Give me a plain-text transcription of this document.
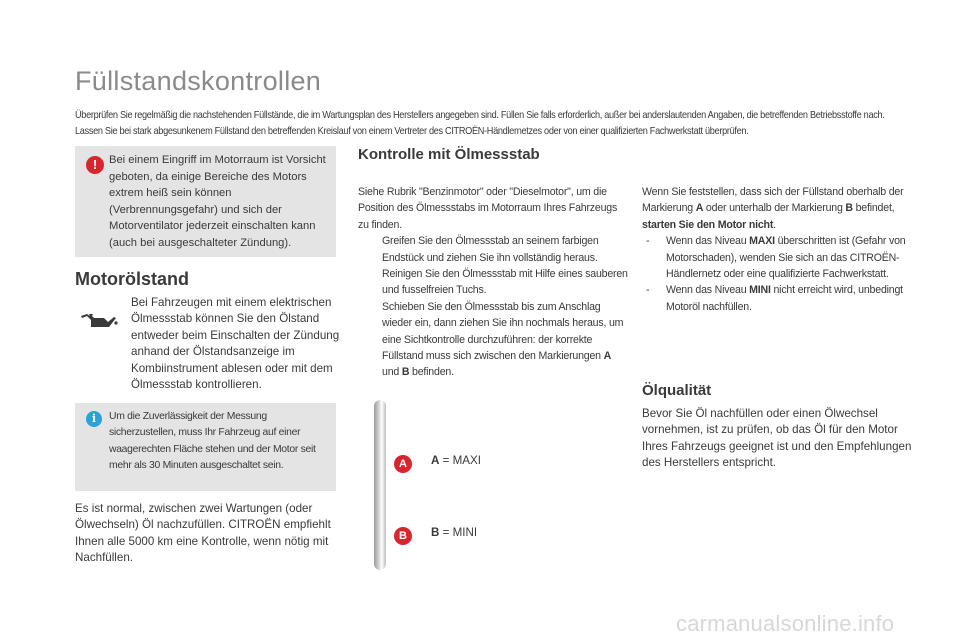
Füllstandskontrollen

Überprüfen Sie regelmäßig die nachstehenden Füllstände, die im Wartungsplan des Herstellers angegeben sind. Füllen Sie falls erforderlich, außer bei anderslautenden Angaben, die betreffenden Betriebsstoffe nach.

Lassen Sie bei stark abgesunkenem Füllstand den betreffenden Kreislauf von einem Vertreter des CITROËN-Händlernetzes oder von einer qualifizierten Fachwerkstatt überprüfen.

!	Bei einem Eingriff im Motorraum ist Vorsicht geboten, da einige Bereiche des Motors extrem heiß sein können (Verbrennungsgefahr) und sich der Motorventilator jederzeit einschalten kann (auch bei ausgeschalteter Zündung).

Motorölstand

Bei Fahrzeugen mit einem elektrischen Ölmessstab können Sie den Ölstand entweder beim Einschalten der Zündung anhand der Ölstandsanzeige im Kombiinstrument ablesen oder mit dem Ölmessstab kontrollieren.

i	Um die Zuverlässigkeit der Messung sicherzustellen, muss Ihr Fahrzeug auf einer waagerechten Fläche stehen und der Motor seit mehr als 30 Minuten ausgeschaltet sein.

Es ist normal, zwischen zwei Wartungen (oder Ölwechseln) Öl nachzufüllen. CITROËN empfiehlt Ihnen alle 5000 km eine Kontrolle, wenn nötig mit Nachfüllen.

Kontrolle mit Ölmessstab

Siehe Rubrik "Benzinmotor" oder "Dieselmotor", um die Position des Ölmessstabs im Motorraum Ihres Fahrzeugs zu finden.

Greifen Sie den Ölmessstab an seinem farbigen Endstück und ziehen Sie ihn vollständig heraus.

Reinigen Sie den Ölmessstab mit Hilfe eines sauberen und fusselfreien Tuchs.

Schieben Sie den Ölmessstab bis zum Anschlag wieder ein, dann ziehen Sie ihn nochmals heraus, um eine Sichtkontrolle durchzuführen: der korrekte Füllstand muss sich zwischen den Markierungen A und B befinden.

A
B
A = MAXI
B = MINI

Wenn Sie feststellen, dass sich der Füllstand oberhalb der Markierung A oder unterhalb der Markierung B befindet, starten Sie den Motor nicht.

- Wenn das Niveau MAXI überschritten ist (Gefahr von Motorschaden), wenden Sie sich an das CITROËN-Händlernetz oder eine qualifizierte Fachwerkstatt.

- Wenn das Niveau MINI nicht erreicht wird, unbedingt Motoröl nachfüllen.

Ölqualität

Bevor Sie Öl nachfüllen oder einen Ölwechsel vornehmen, ist zu prüfen, ob das Öl für den Motor Ihres Fahrzeugs geeignet ist und den Empfehlungen des Herstellers entspricht.

carmanualsonline.info
